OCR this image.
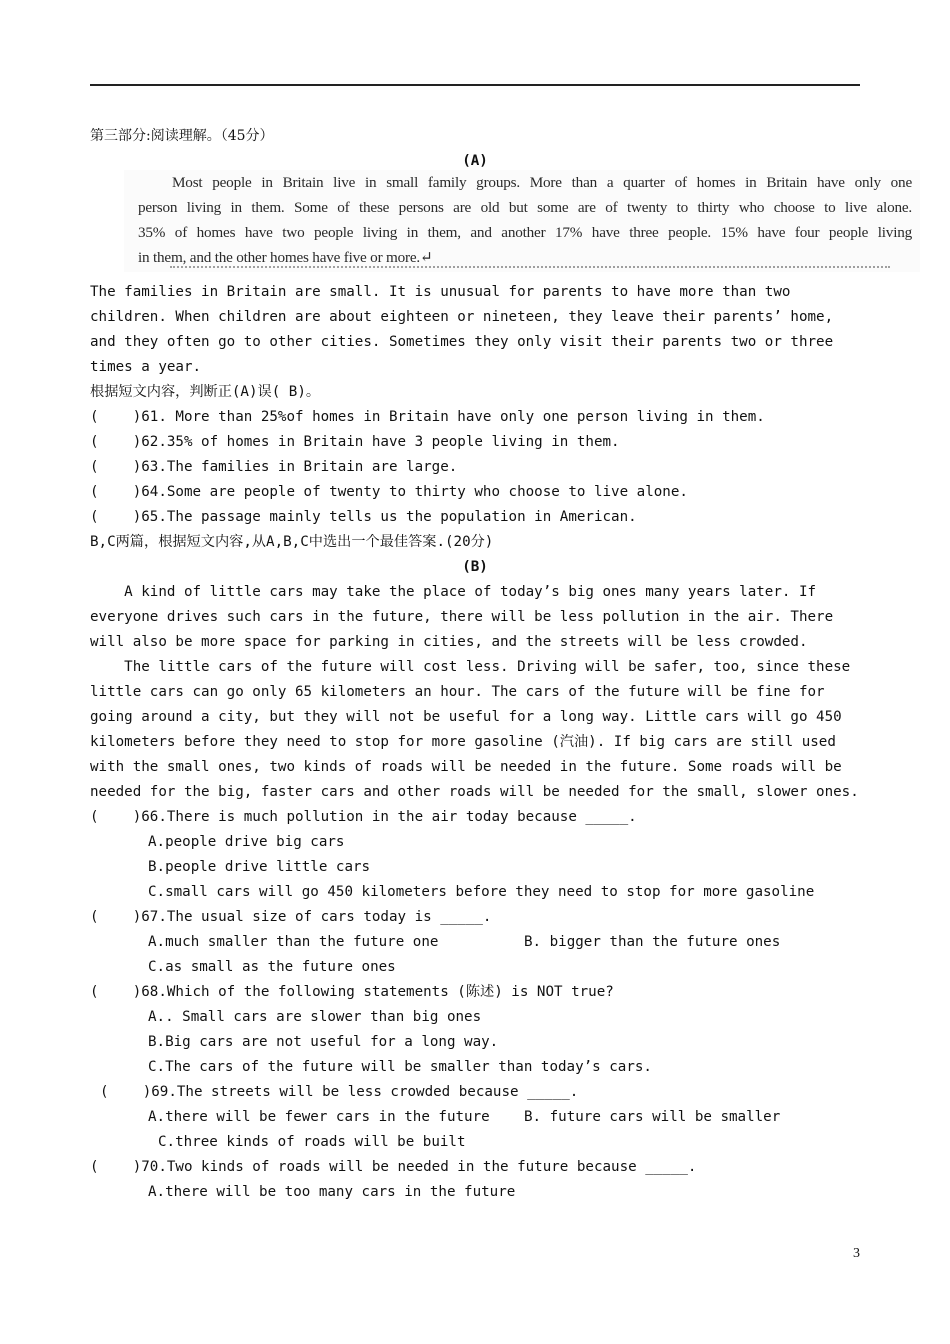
第三部分:阅读理解。（45分）
(A)
Most people in Britain live in small family groups. More than a quarter of homes in Britain have only one
person living in them. Some of these persons are old but some are of twenty to thirty who choose to live alone.
35% of homes have two people living in them, and another 17% have three people. 15% have four people living
in them, and the other homes have five or more.↵
The families in Britain are small. It is unusual for parents to have more than two
children. When children are about eighteen or nineteen, they leave their parents’ home,
and they often go to other cities. Sometimes they only visit their parents two or three
times a year.
根据短文内容，判断正(A)误( B)。
(    )61. More than 25%of homes in Britain have only one person living in them.
(    )62.35% of homes in Britain have 3 people living in them.
(    )63.The families in Britain are large.
(    )64.Some are people of twenty to thirty who choose to live alone.
(    )65.The passage mainly tells us the population in American.
B,C两篇，根据短文内容,从A,B,C中选出一个最佳答案.(20分)
(B)
A kind of little cars may take the place of today’s big ones many years later. If
everyone drives such cars in the future, there will be less pollution in the air. There
will also be more space for parking in cities, and the streets will be less crowded.
The little cars of the future will cost less. Driving will be safer, too, since these
little cars can go only 65 kilometers an hour. The cars of the future will be fine for
going around a city, but they will not be useful for a long way. Little cars will go 450
kilometers before they need to stop for more gasoline (汽油). If big cars are still used
with the small ones, two kinds of roads will be needed in the future. Some roads will be
needed for the big, faster cars and other roads will be needed for the small, slower ones.
(    )66.There is much pollution in the air today because _____.
A.people drive big cars
B.people drive little cars
C.small cars will go 450 kilometers before they need to stop for more gasoline
(    )67.The usual size of cars today is _____.
A.much smaller than the future one	B. bigger than the future ones
C.as small as the future ones
(    )68.Which of the following statements (陈述) is NOT true?
A.. Small cars are slower than big ones
B.Big cars are not useful for a long way.
C.The cars of the future will be smaller than today’s cars.
(    )69.The streets will be less crowded because _____.
A.there will be fewer cars in the future	B. future cars will be smaller
C.three kinds of roads will be built
(    )70.Two kinds of roads will be needed in the future because _____.
A.there will be too many cars in the future
3
